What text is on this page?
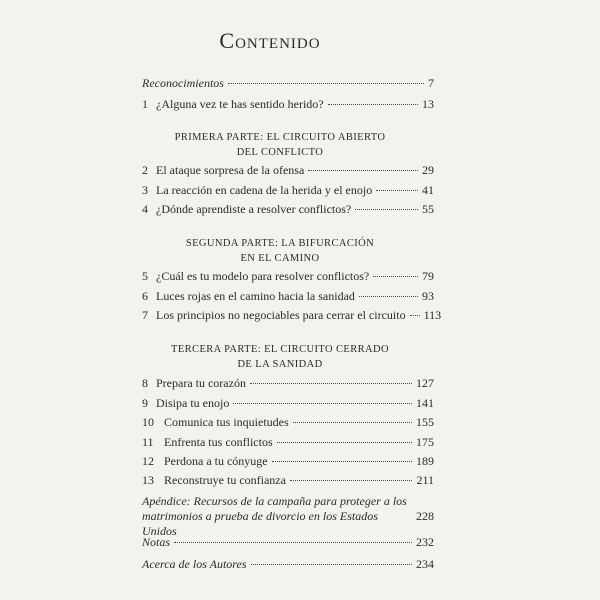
Contenido
Reconocimientos	7
1 ¿Alguna vez te has sentido herido?	13
PRIMERA PARTE: EL CIRCUITO ABIERTO
DEL CONFLICTO
2 El ataque sorpresa de la ofensa	29
3 La reacción en cadena de la herida y el enojo	41
4 ¿Dónde aprendiste a resolver conflictos?	55
SEGUNDA PARTE: LA BIFURCACIÓN
EN EL CAMINO
5 ¿Cuál es tu modelo para resolver conflictos?	79
6 Luces rojas en el camino hacia la sanidad	93
7 Los principios no negociables para cerrar el circuito 113
TERCERA PARTE: EL CIRCUITO CERRADO
DE LA SANIDAD
8 Prepara tu corazón	127
9 Disipa tu enojo	141
10 Comunica tus inquietudes	155
11 Enfrenta tus conflictos	175
12 Perdona a tu cónyuge	189
13 Reconstruye tu confianza	211
Apéndice: Recursos de la campaña para proteger a los
matrimonios a prueba de divorcio en los Estados Unidos
228
Notas	232
Acerca de los Autores	234
